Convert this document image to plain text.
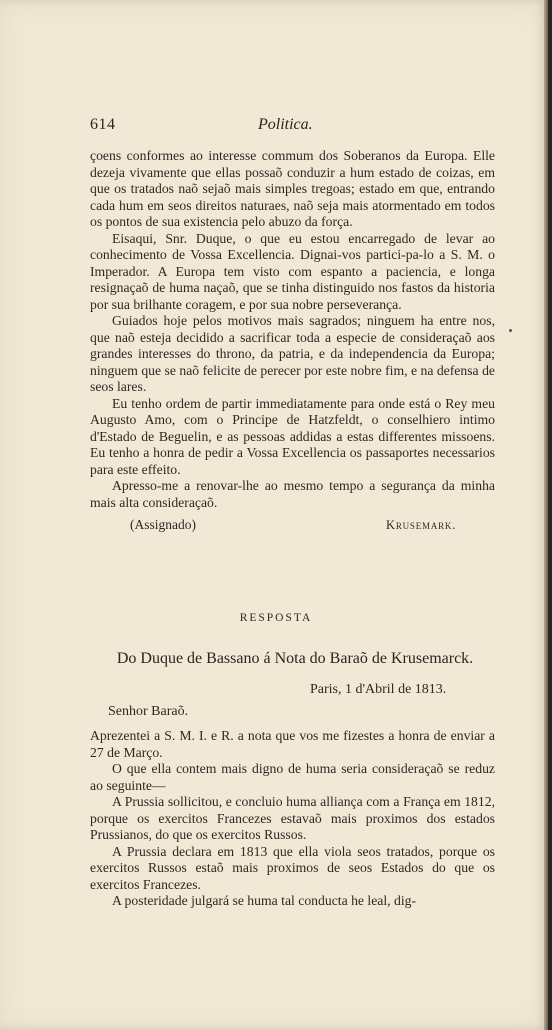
614	Politica.

çoens conformes ao interesse commum dos Soberanos da Europa. Elle dezeja vivamente que ellas possaõ conduzir a hum estado de coizas, em que os tratados naõ sejaõ mais simples tregoas; estado em que, entrando cada hum em seos direitos naturaes, naõ seja mais atormentado em todos os pontos de sua existencia pelo abuzo da força.

Eisaqui, Snr. Duque, o que eu estou encarregado de levar ao conhecimento de Vossa Excellencia. Dignai-vos partici-pa-lo a S. M. o Imperador. A Europa tem visto com espanto a paciencia, e longa resignaçaõ de huma naçaõ, que se tinha distinguido nos fastos da historia por sua brilhante coragem, e por sua nobre perseverança.

Guiados hoje pelos motivos mais sagrados; ninguem ha entre nos, que naõ esteja decidido a sacrificar toda a especie de consideraçaõ aos grandes interesses do throno, da patria, e da independencia da Europa; ninguem que se naõ felicite de perecer por este nobre fim, e na defensa de seos lares.

Eu tenho ordem de partir immediatamente para onde está o Rey meu Augusto Amo, com o Principe de Hatzfeldt, o conselhiero intimo d'Estado de Beguelin, e as pessoas addidas a estas differentes missoens. Eu tenho a honra de pedir a Vossa Excellencia os passaportes necessarios para este effeito.

Apresso-me a renovar-lhe ao mesmo tempo a segurança da minha mais alta consideraçaõ.

(Assignado)	Krusemark.
RESPOSTA
Do Duque de Bassano á Nota do Baraõ de Krusemarck.
Paris, 1 d'Abril de 1813.
Senhor Baraõ.

Aprezentei a S. M. I. e R. a nota que vos me fizestes a honra de enviar a 27 de Março.

O que ella contem mais digno de huma seria consideraçaõ se reduz ao seguinte—

A Prussia sollicitou, e concluio huma alliança com a França em 1812, porque os exercitos Francezes estavaõ mais proximos dos estados Prussianos, do que os exercitos Russos.

A Prussia declara em 1813 que ella viola seos tratados, porque os exercitos Russos estaõ mais proximos de seos Estados do que os exercitos Francezes.

A posteridade julgará se huma tal conducta he leal, dig-
